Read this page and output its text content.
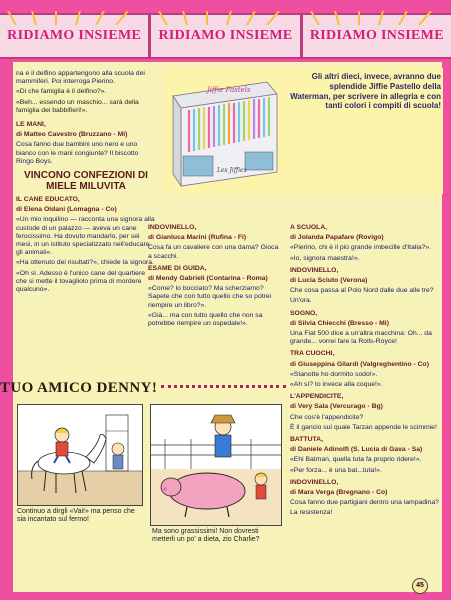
RIDIAMO INSIEME RIDIAMO INSIEME RIDIAMO INSIEME
Jiffie Pastels
Les Jiffies
Gli altri dieci, invece, avranno due splendide Jiffie Pastello della Waterman, per scrivere in allegria e con tanti colori i compiti di scuola!

na e il delfino appartengono alla scuola dei mammiferi. Poi interroga Pierino.

«Di che famiglia è il delfino?».

«Beh... essendo un maschio... sarà della famiglia dei babbifieri!».

LE MANI,

di Matteo Cavestro (Bruzzano - Mi)

Cosa fanno due bambini uno nero e uno bianco con le mani congiunte? Il biscotto Ringo Boys.

VINCONO CONFEZIONI DI MIELE MILUVITA

IL CANE EDUCATO,

di Elena Oldani (Lomagna - Co)

«Un mio inquilino — racconta una signora alla custode di un palazzo — aveva un cane ferocissimo. Ha dovuto mandarlo, per sei mesi, in un istituto specializzato nell'educare gli animali».

«Ha ottenuto dei risultati?», chiede la signora.

«Oh sì. Adesso è l'unico cane del quartiere che si mette il tovagliolo prima di mordere qualcuno».

INDOVINELLO,

di Gianluca Marini (Rufina - Fi)

Cosa fa un cavaliere con una dama? Gioca a scacchi.

ESAME DI GUIDA,

di Mendy Gabrieli (Contarina - Roma)

«Come? lo bocciato? Ma scherziamo? Sapete che con tutto quello che so potrei riempire un libro?».

«Già... ma con tutto quello che non sa potrebbe riempire un ospedale!».

A SCUOLA,

di Jolanda Papafare (Rovigo)

«Pierino, chi è il più grande imbecille d'Italia?».

«Io, signora maestra!».

INDOVINELLO,

di Lucia Sciuto (Verona)

Che cosa passa al Polo Nord dalle due alle tre?

Un'ora.

SOGNO,

di Silvia Chiecchi (Bresso - Mi)

Una Fiat 500 dice a un'altra macchina: Oh... da grande... vorrei fare la Rolls-Royce!

TRA CUOCHI,

di Giuseppina Gilardi (Valgreghentino - Co)

«Stanotte ho dormito sodo!».

«Ah sì? Io invece alla coque!».

L'APPENDICITE,

di Very Sala (Vercurago - Bg)

Che cos'è l'appendicite?

È il gancio sul quale Tarzan appende le scimmie!

BATTUTA,

di Daniele Adinolfi (S. Lucia di Gava - Sa)

«Ehi Batman, quella tuta fa proprio ridere!».

«Per forza... è una bat...tuta!».

INDOVINELLO,

di Mara Verga (Bregnano - Co)

Cosa fanno due partigiani dentro una lampadina?

La resistenza!

TUO AMICO DENNY!
Continuo a dirgli «Vai!» ma penso che sia incantato sul fermo!
Ma sono grassissimi! Non dovresti metterli un po' a dieta, zio Charlie?
45
